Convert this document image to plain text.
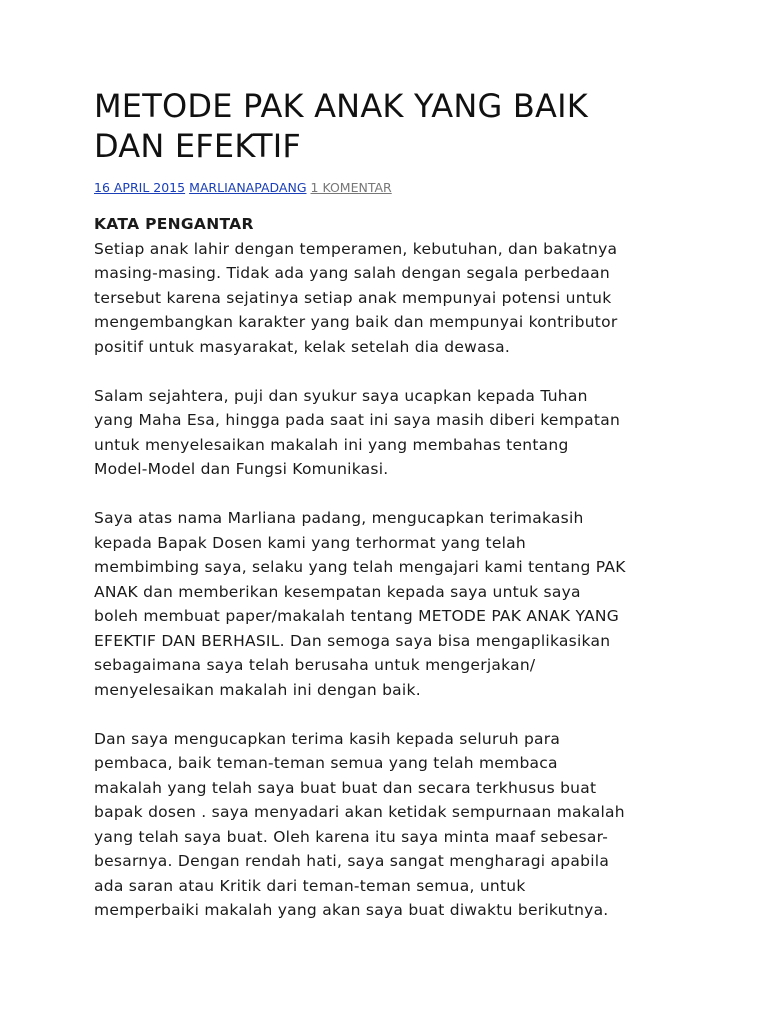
METODE PAK ANAK YANG BAIK
DAN EFEKTIF
16 APRIL 2015 MARLIANAPADANG 1 KOMENTAR
KATA PENGANTAR

Setiap anak lahir dengan temperamen, kebutuhan, dan bakatnya
masing-masing. Tidak ada yang salah dengan segala perbedaan
tersebut karena sejatinya setiap anak mempunyai potensi untuk
mengembangkan karakter yang baik dan mempunyai kontributor
positif untuk masyarakat, kelak setelah dia dewasa.

Salam sejahtera, puji dan syukur saya ucapkan kepada Tuhan
yang Maha Esa, hingga pada saat ini saya masih diberi kempatan
untuk menyelesaikan makalah ini yang membahas tentang
Model-Model dan Fungsi Komunikasi.

Saya atas nama Marliana padang, mengucapkan terimakasih
kepada Bapak Dosen kami yang terhormat yang telah
membimbing saya, selaku yang telah mengajari kami tentang PAK
ANAK dan memberikan kesempatan kepada saya untuk saya
boleh membuat paper/makalah tentang METODE PAK ANAK YANG
EFEKTIF DAN BERHASIL. Dan semoga saya bisa mengaplikasikan
sebagaimana saya telah berusaha untuk mengerjakan/
menyelesaikan makalah ini dengan baik.

Dan saya mengucapkan terima kasih kepada seluruh para
pembaca, baik teman-teman semua yang telah membaca
makalah yang telah saya buat buat dan secara terkhusus buat
bapak dosen . saya menyadari akan ketidak sempurnaan makalah
yang telah saya buat. Oleh karena itu saya minta maaf sebesar-
besarnya. Dengan rendah hati, saya sangat mengharagi apabila
ada saran atau Kritik dari teman-teman semua, untuk
memperbaiki makalah yang akan saya buat diwaktu berikutnya.
